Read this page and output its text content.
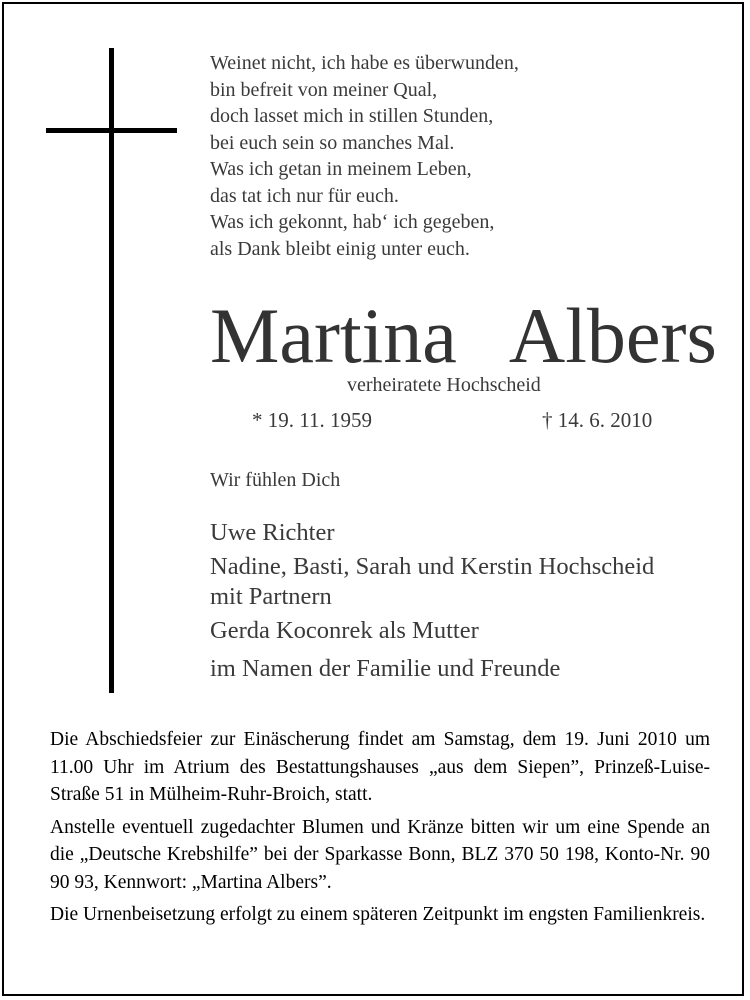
Weinet nicht, ich habe es überwunden,
bin befreit von meiner Qual,
doch lasset mich in stillen Stunden,
bei euch sein so manches Mal.
Was ich getan in meinem Leben,
das tat ich nur für euch.
Was ich gekonnt, hab‘ ich gegeben,
als Dank bleibt einig unter euch.
Martina Albers
verheiratete Hochscheid
* 19. 11. 1959	† 14. 6. 2010
Wir fühlen Dich
Uwe Richter
Nadine, Basti, Sarah und Kerstin Hochscheid
mit Partnern
Gerda Koconrek als Mutter
im Namen der Familie und Freunde

Die Abschiedsfeier zur Einäscherung findet am Samstag, dem 19. Juni 2010 um 11.00 Uhr im Atrium des Bestattungshauses „aus dem Siepen”, Prinzeß-Luise-Straße 51 in Mülheim-Ruhr-Broich, statt.

Anstelle eventuell zugedachter Blumen und Kränze bitten wir um eine Spende an die „Deutsche Krebshilfe” bei der Sparkasse Bonn, BLZ 370 50 198, Konto-Nr. 90 90 93, Kennwort: „Martina Albers”.

Die Urnenbeisetzung erfolgt zu einem späteren Zeitpunkt im engsten Familienkreis.
